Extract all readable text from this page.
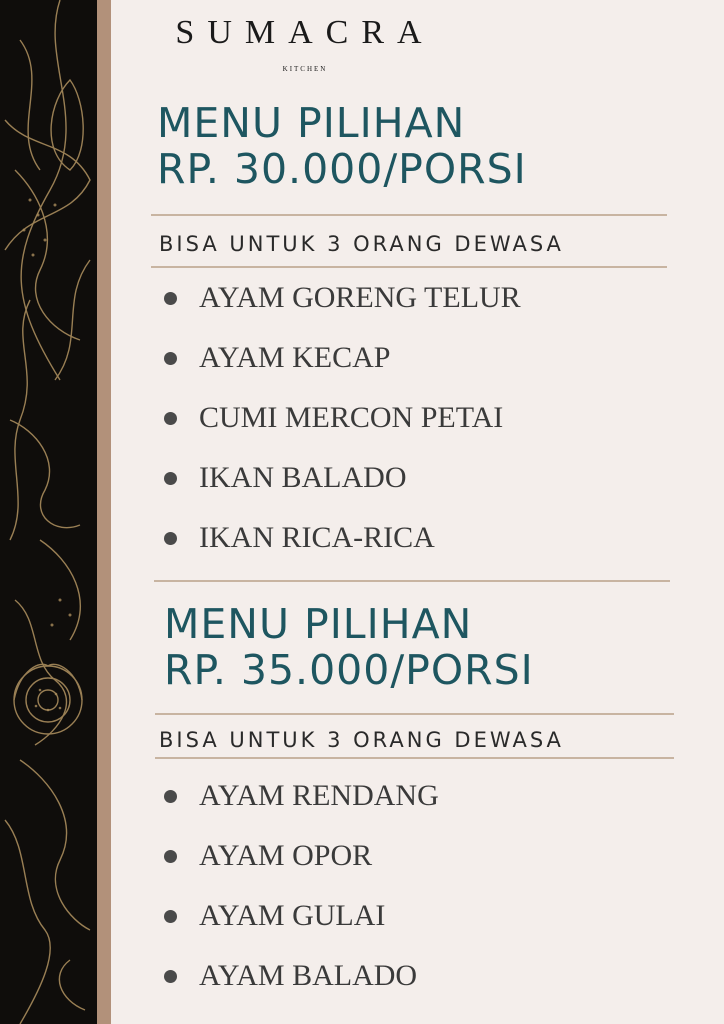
SUMACRA
KITCHEN
MENU PILIHAN
RP. 30.000/PORSI

BISA UNTUK 3 ORANG DEWASA

AYAM GORENG TELUR
AYAM KECAP
CUMI MERCON PETAI
IKAN BALADO
IKAN RICA-RICA
MENU PILIHAN
RP. 35.000/PORSI

BISA UNTUK 3 ORANG DEWASA

AYAM RENDANG
AYAM OPOR
AYAM GULAI
AYAM BALADO
